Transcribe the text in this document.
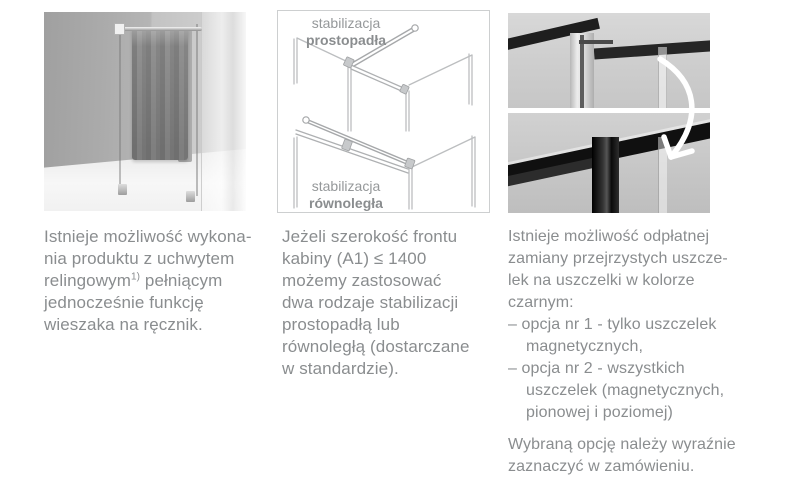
Istnieje możliwość wykona-
nia produktu z uchwytem
relingowym$^{1)}$ pełniącym
jednocześnie funkcję
wieszaka na ręcznik.
stabilizacja
prostopadła
stabilizacja
równoległa
Jeżeli szerokość frontu
kabiny (A1) ≤ 1400
możemy zastosować
dwa rodzaje stabilizacji
prostopadłą lub
równoległą (dostarczane
w standardzie).
Istnieje możliwość odpłatnej
zamiany przejrzystych uszcze-
lek na uszczelki w kolorze
czarnym:
– opcja nr 1 - tylko uszczelek
magnetycznych,
– opcja nr 2 - wszystkich
uszczelek (magnetycznych,
pionowej i poziomej)
Wybraną opcję należy wyraźnie
zaznaczyć w zamówieniu.
